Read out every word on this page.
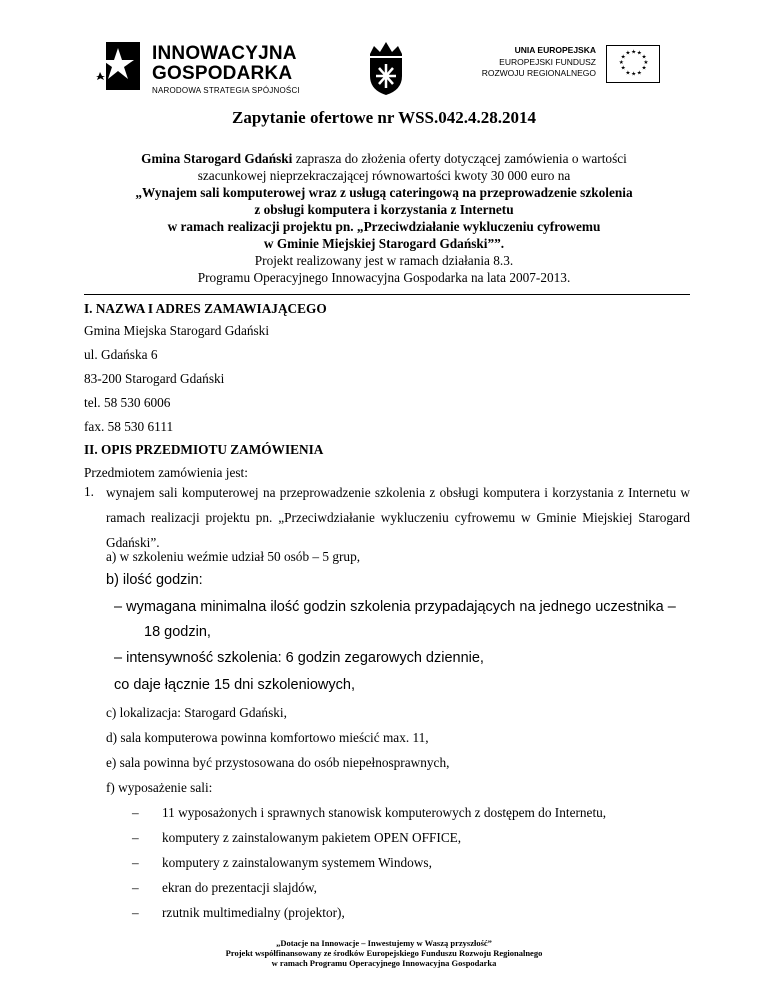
INNOWACYJNA
GOSPODARKA
NARODOWA STRATEGIA SPÓJNOŚCI
UNIA EUROPEJSKA
EUROPEJSKI FUNDUSZ
ROZWOJU REGIONALNEGO
★ ★
★
★
★
★
★
★
★
★
★
★
Zapytanie ofertowe nr WSS.042.4.28.2014
Gmina Starogard Gdański zaprasza do złożenia oferty dotyczącej zamówienia o wartości
szacunkowej nieprzekraczającej równowartości kwoty 30 000 euro na
„Wynajem sali komputerowej wraz z usługą cateringową na przeprowadzenie szkolenia
z obsługi komputera i korzystania z Internetu
w ramach realizacji projektu pn. „Przeciwdziałanie wykluczeniu cyfrowemu
w Gminie Miejskiej Starogard Gdański””.
Projekt realizowany jest w ramach działania 8.3.
Programu Operacyjnego Innowacyjna Gospodarka na lata 2007-2013.
I. NAZWA I ADRES ZAMAWIAJĄCEGO
Gmina Miejska Starogard Gdański
ul. Gdańska 6
83-200 Starogard Gdański
tel. 58 530 6006
fax. 58 530 6111
II. OPIS PRZEDMIOTU ZAMÓWIENIA
Przedmiotem zamówienia jest:
1. wynajem sali komputerowej na przeprowadzenie szkolenia z obsługi komputera i korzystania z Internetu w ramach realizacji projektu pn. „Przeciwdziałanie wykluczeniu cyfrowemu w Gminie Miejskiej Starogard Gdański”.
a) w szkoleniu weźmie udział 50 osób – 5 grup,
b) ilość godzin:
– wymagana minimalna ilość godzin szkolenia przypadających na jednego uczestnika –
18 godzin,
– intensywność szkolenia: 6 godzin zegarowych dziennie,
co daje łącznie 15 dni szkoleniowych,
c) lokalizacja: Starogard Gdański,
d) sala komputerowa powinna komfortowo mieścić max. 11,
e) sala powinna być przystosowana do osób niepełnosprawnych,
f) wyposażenie sali:
– 11 wyposażonych i sprawnych stanowisk komputerowych z dostępem do Internetu,
– komputery z zainstalowanym pakietem OPEN OFFICE,
– komputery z zainstalowanym systemem Windows,
– ekran do prezentacji slajdów,
– rzutnik multimedialny (projektor),
„Dotacje na Innowacje – Inwestujemy w Waszą przyszłość”
Projekt współfinansowany ze środków Europejskiego Funduszu Rozwoju Regionalnego
w ramach Programu Operacyjnego Innowacyjna Gospodarka
